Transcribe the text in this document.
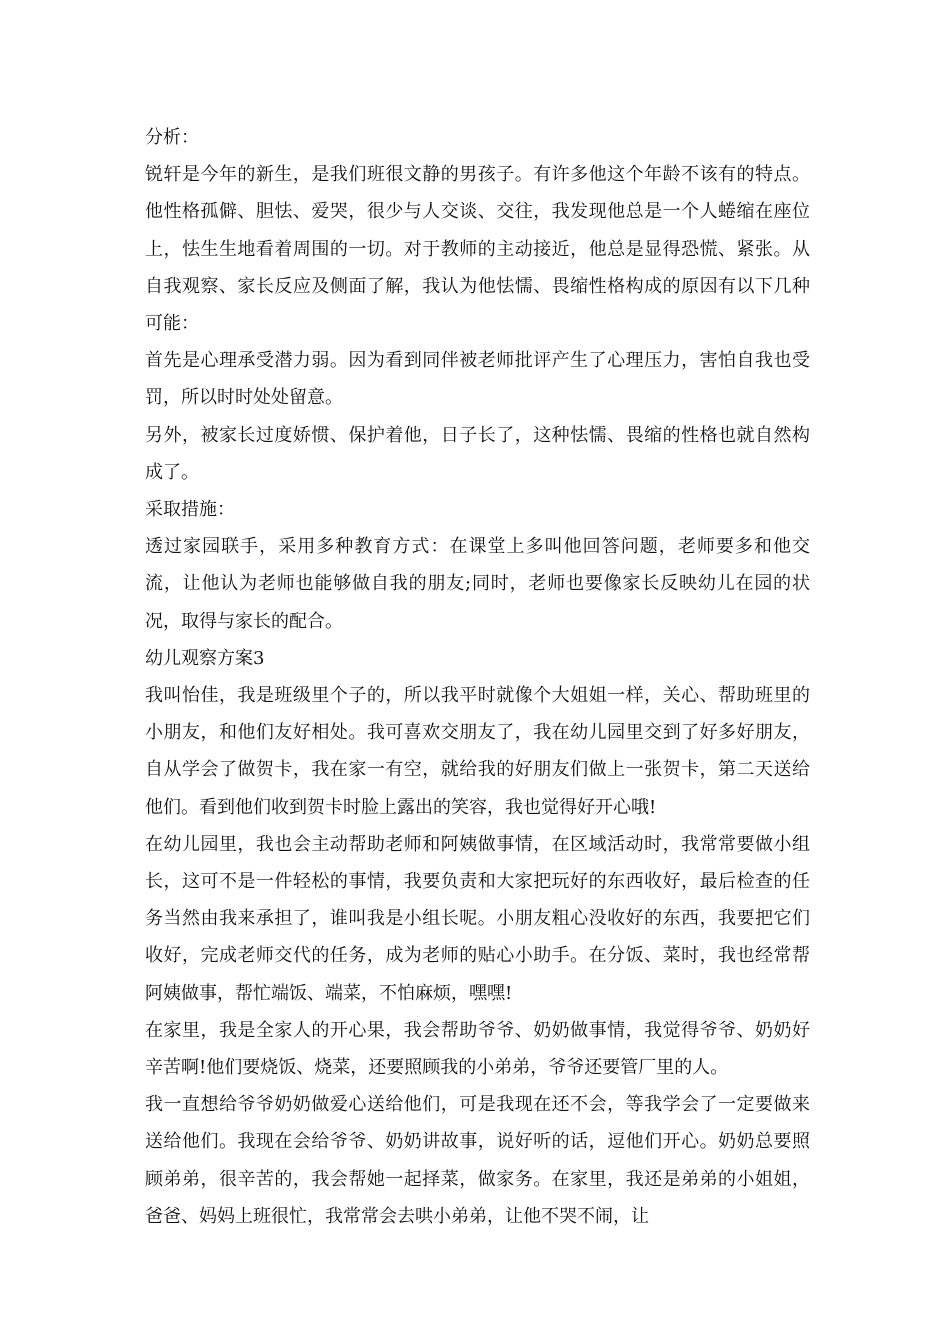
分析：

锐轩是今年的新生，是我们班很文静的男孩子。有许多他这个年龄不该有的特点。他性格孤僻、胆怯、爱哭，很少与人交谈、交往，我发现他总是一个人蜷缩在座位上，怯生生地看着周围的一切。对于教师的主动接近，他总是显得恐慌、紧张。从自我观察、家长反应及侧面了解，我认为他怯懦、畏缩性格构成的原因有以下几种可能：

首先是心理承受潜力弱。因为看到同伴被老师批评产生了心理压力，害怕自我也受罚，所以时时处处留意。

另外，被家长过度娇惯、保护着他，日子长了，这种怯懦、畏缩的性格也就自然构成了。

采取措施：

透过家园联手，采用多种教育方式：在课堂上多叫他回答问题，老师要多和他交流，让他认为老师也能够做自我的朋友;同时，老师也要像家长反映幼儿在园的状况，取得与家长的配合。

幼儿观察方案3

我叫怡佳，我是班级里个子的，所以我平时就像个大姐姐一样，关心、帮助班里的小朋友，和他们友好相处。我可喜欢交朋友了，我在幼儿园里交到了好多好朋友，自从学会了做贺卡，我在家一有空，就给我的好朋友们做上一张贺卡，第二天送给他们。看到他们收到贺卡时脸上露出的笑容，我也觉得好开心哦!

在幼儿园里，我也会主动帮助老师和阿姨做事情，在区域活动时，我常常要做小组长，这可不是一件轻松的事情，我要负责和大家把玩好的东西收好，最后检查的任务当然由我来承担了，谁叫我是小组长呢。小朋友粗心没收好的东西，我要把它们收好，完成老师交代的任务，成为老师的贴心小助手。在分饭、菜时，我也经常帮阿姨做事，帮忙端饭、端菜，不怕麻烦，嘿嘿!

在家里，我是全家人的开心果，我会帮助爷爷、奶奶做事情，我觉得爷爷、奶奶好辛苦啊!他们要烧饭、烧菜，还要照顾我的小弟弟，爷爷还要管厂里的人。

我一直想给爷爷奶奶做爱心送给他们，可是我现在还不会，等我学会了一定要做来送给他们。我现在会给爷爷、奶奶讲故事，说好听的话，逗他们开心。奶奶总要照顾弟弟，很辛苦的，我会帮她一起择菜，做家务。在家里，我还是弟弟的小姐姐，爸爸、妈妈上班很忙，我常常会去哄小弟弟，让他不哭不闹，让
